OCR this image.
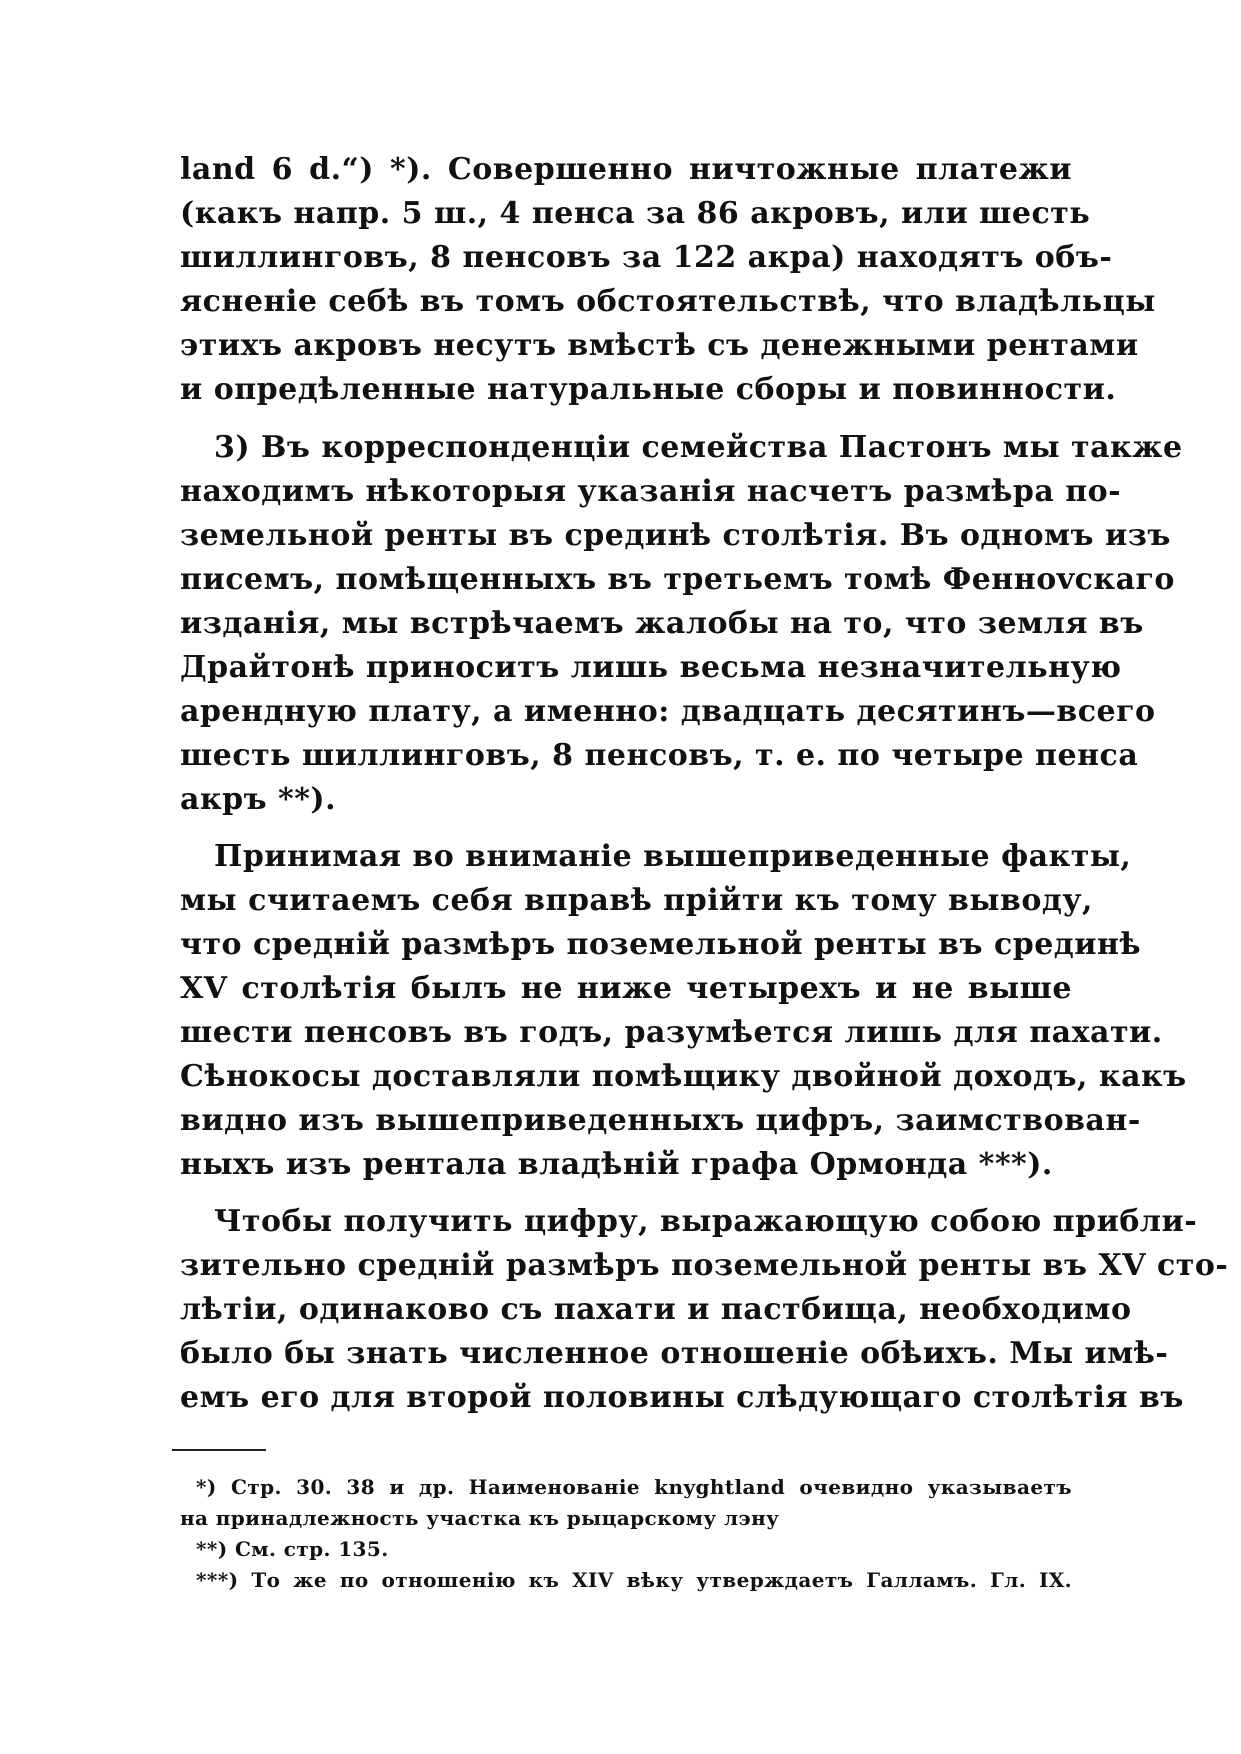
land 6 d.“) *). Совершенно ничтожные платежи
(какъ напр. 5 ш., 4 пенса за 86 акровъ, или шесть
шиллинговъ, 8 пенсовъ за 122 акра) находятъ объ-
ясненіе себѣ въ томъ обстоятельствѣ, что владѣльцы
этихъ акровъ несутъ вмѣстѣ съ денежными рентами
и опредѣленные натуральные сборы и повинности.
3) Въ корреспонденціи семейства Пастонъ мы также
находимъ нѣкоторыя указанія насчетъ размѣра по-
земельной ренты въ срединѣ столѣтія. Въ одномъ изъ
писемъ, помѣщенныхъ въ третьемъ томѣ Феннovскаго
изданія, мы встрѣчаемъ жалобы на то, что земля въ
Драйтонѣ приноситъ лишь весьма незначительную
арендную плату, а именно: двадцать десятинъ—всего
шесть шиллинговъ, 8 пенсовъ, т. е. по четыре пенса
акръ **).
Принимая во вниманіе вышеприведенные факты,
мы считаемъ себя вправѣ прійти къ тому выводу,
что средній размѣръ поземельной ренты въ срединѣ
XV столѣтія былъ не ниже четырехъ и не выше
шести пенсовъ въ годъ, разумѣется лишь для пахати.
Сѣнокосы доставляли помѣщику двойной доходъ, какъ
видно изъ вышеприведенныхъ цифръ, заимствован-
ныхъ изъ рентала владѣній графа Ормонда ***).
Чтобы получить цифру, выражающую собою прибли-
зительно средній размѣръ поземельной ренты въ XV сто-
лѣтіи, одинаково съ пахати и пастбища, необходимо
было бы знать численное отношеніе обѣихъ. Мы имѣ-
емъ его для второй половины слѣдующаго столѣтія въ
*) Стр. 30. 38 и др. Наименованіе knyghtland очевидно указываетъ
на принадлежность участка къ рыцарскому лэну
**) См. стр. 135.
***) То же по отношенію къ XIV вѣку утверждаетъ Галламъ. Гл. IX.
